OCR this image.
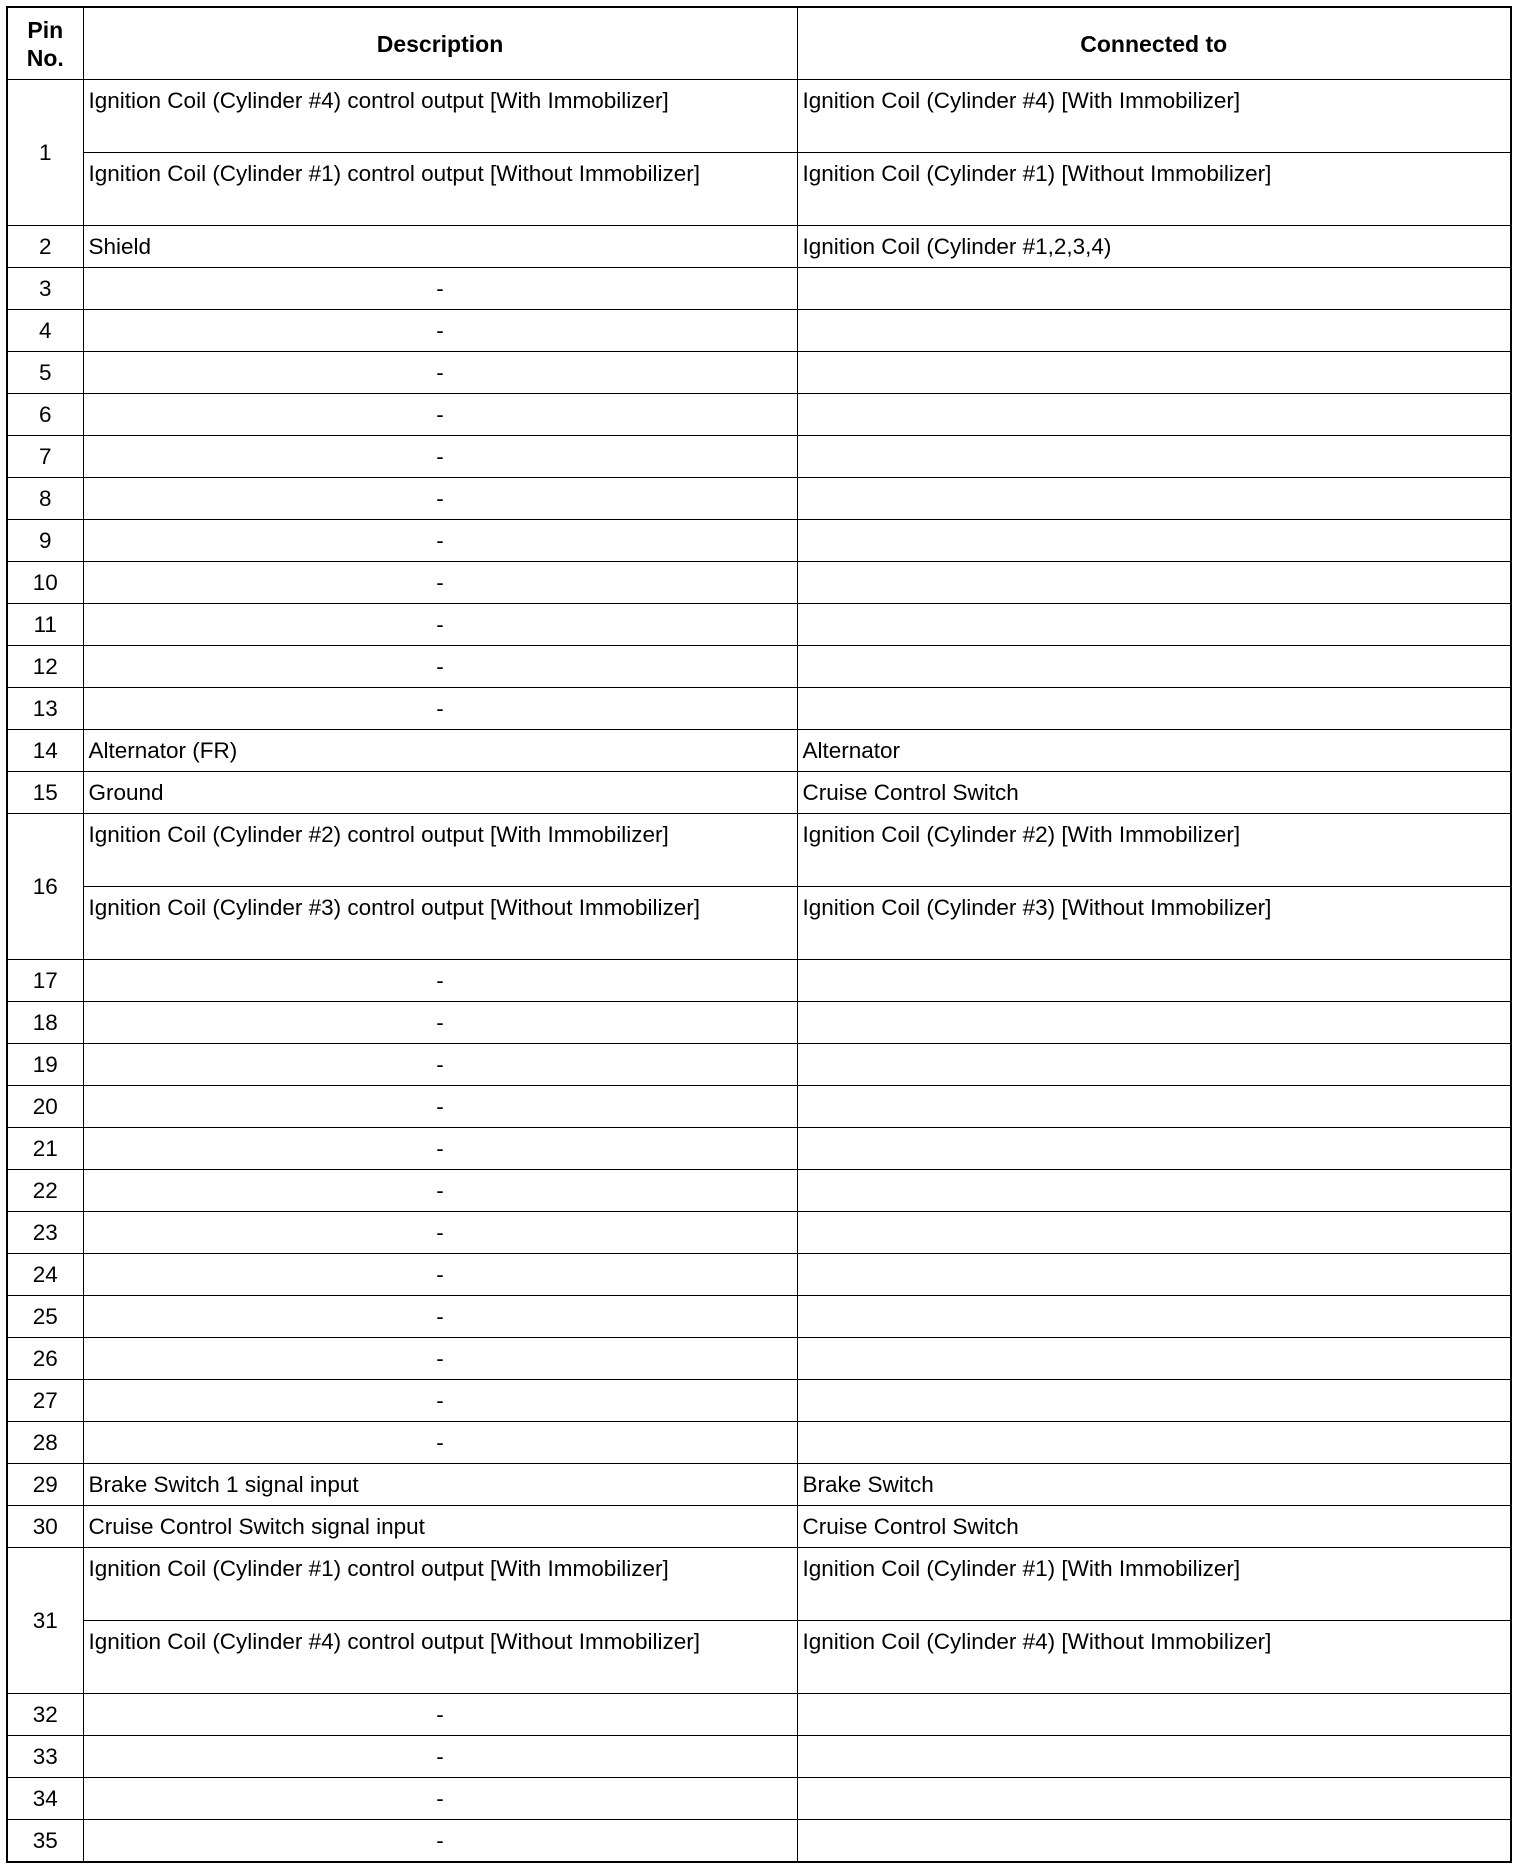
Pin No.	Description	Connected to
1	Ignition Coil (Cylinder #4) control output [With Immobilizer]	Ignition Coil (Cylinder #4) [With Immobilizer]
	Ignition Coil (Cylinder #1) control output [Without Immobilizer]	Ignition Coil (Cylinder #1) [Without Immobilizer]
2	Shield	Ignition Coil (Cylinder #1,2,3,4)
3	-	
4	-	
5	-	
6	-	
7	-	
8	-	
9	-	
10	-	
11	-	
12	-	
13	-	
14	Alternator (FR)	Alternator
15	Ground	Cruise Control Switch
16	Ignition Coil (Cylinder #2) control output [With Immobilizer]	Ignition Coil (Cylinder #2) [With Immobilizer]
	Ignition Coil (Cylinder #3) control output [Without Immobilizer]	Ignition Coil (Cylinder #3) [Without Immobilizer]
17	-	
18	-	
19	-	
20	-	
21	-	
22	-	
23	-	
24	-	
25	-	
26	-	
27	-	
28	-	
29	Brake Switch 1 signal input	Brake Switch
30	Cruise Control Switch signal input	Cruise Control Switch
31	Ignition Coil (Cylinder #1) control output [With Immobilizer]	Ignition Coil (Cylinder #1) [With Immobilizer]
	Ignition Coil (Cylinder #4) control output [Without Immobilizer]	Ignition Coil (Cylinder #4) [Without Immobilizer]
32	-	
33	-	
34	-	
35	-	
